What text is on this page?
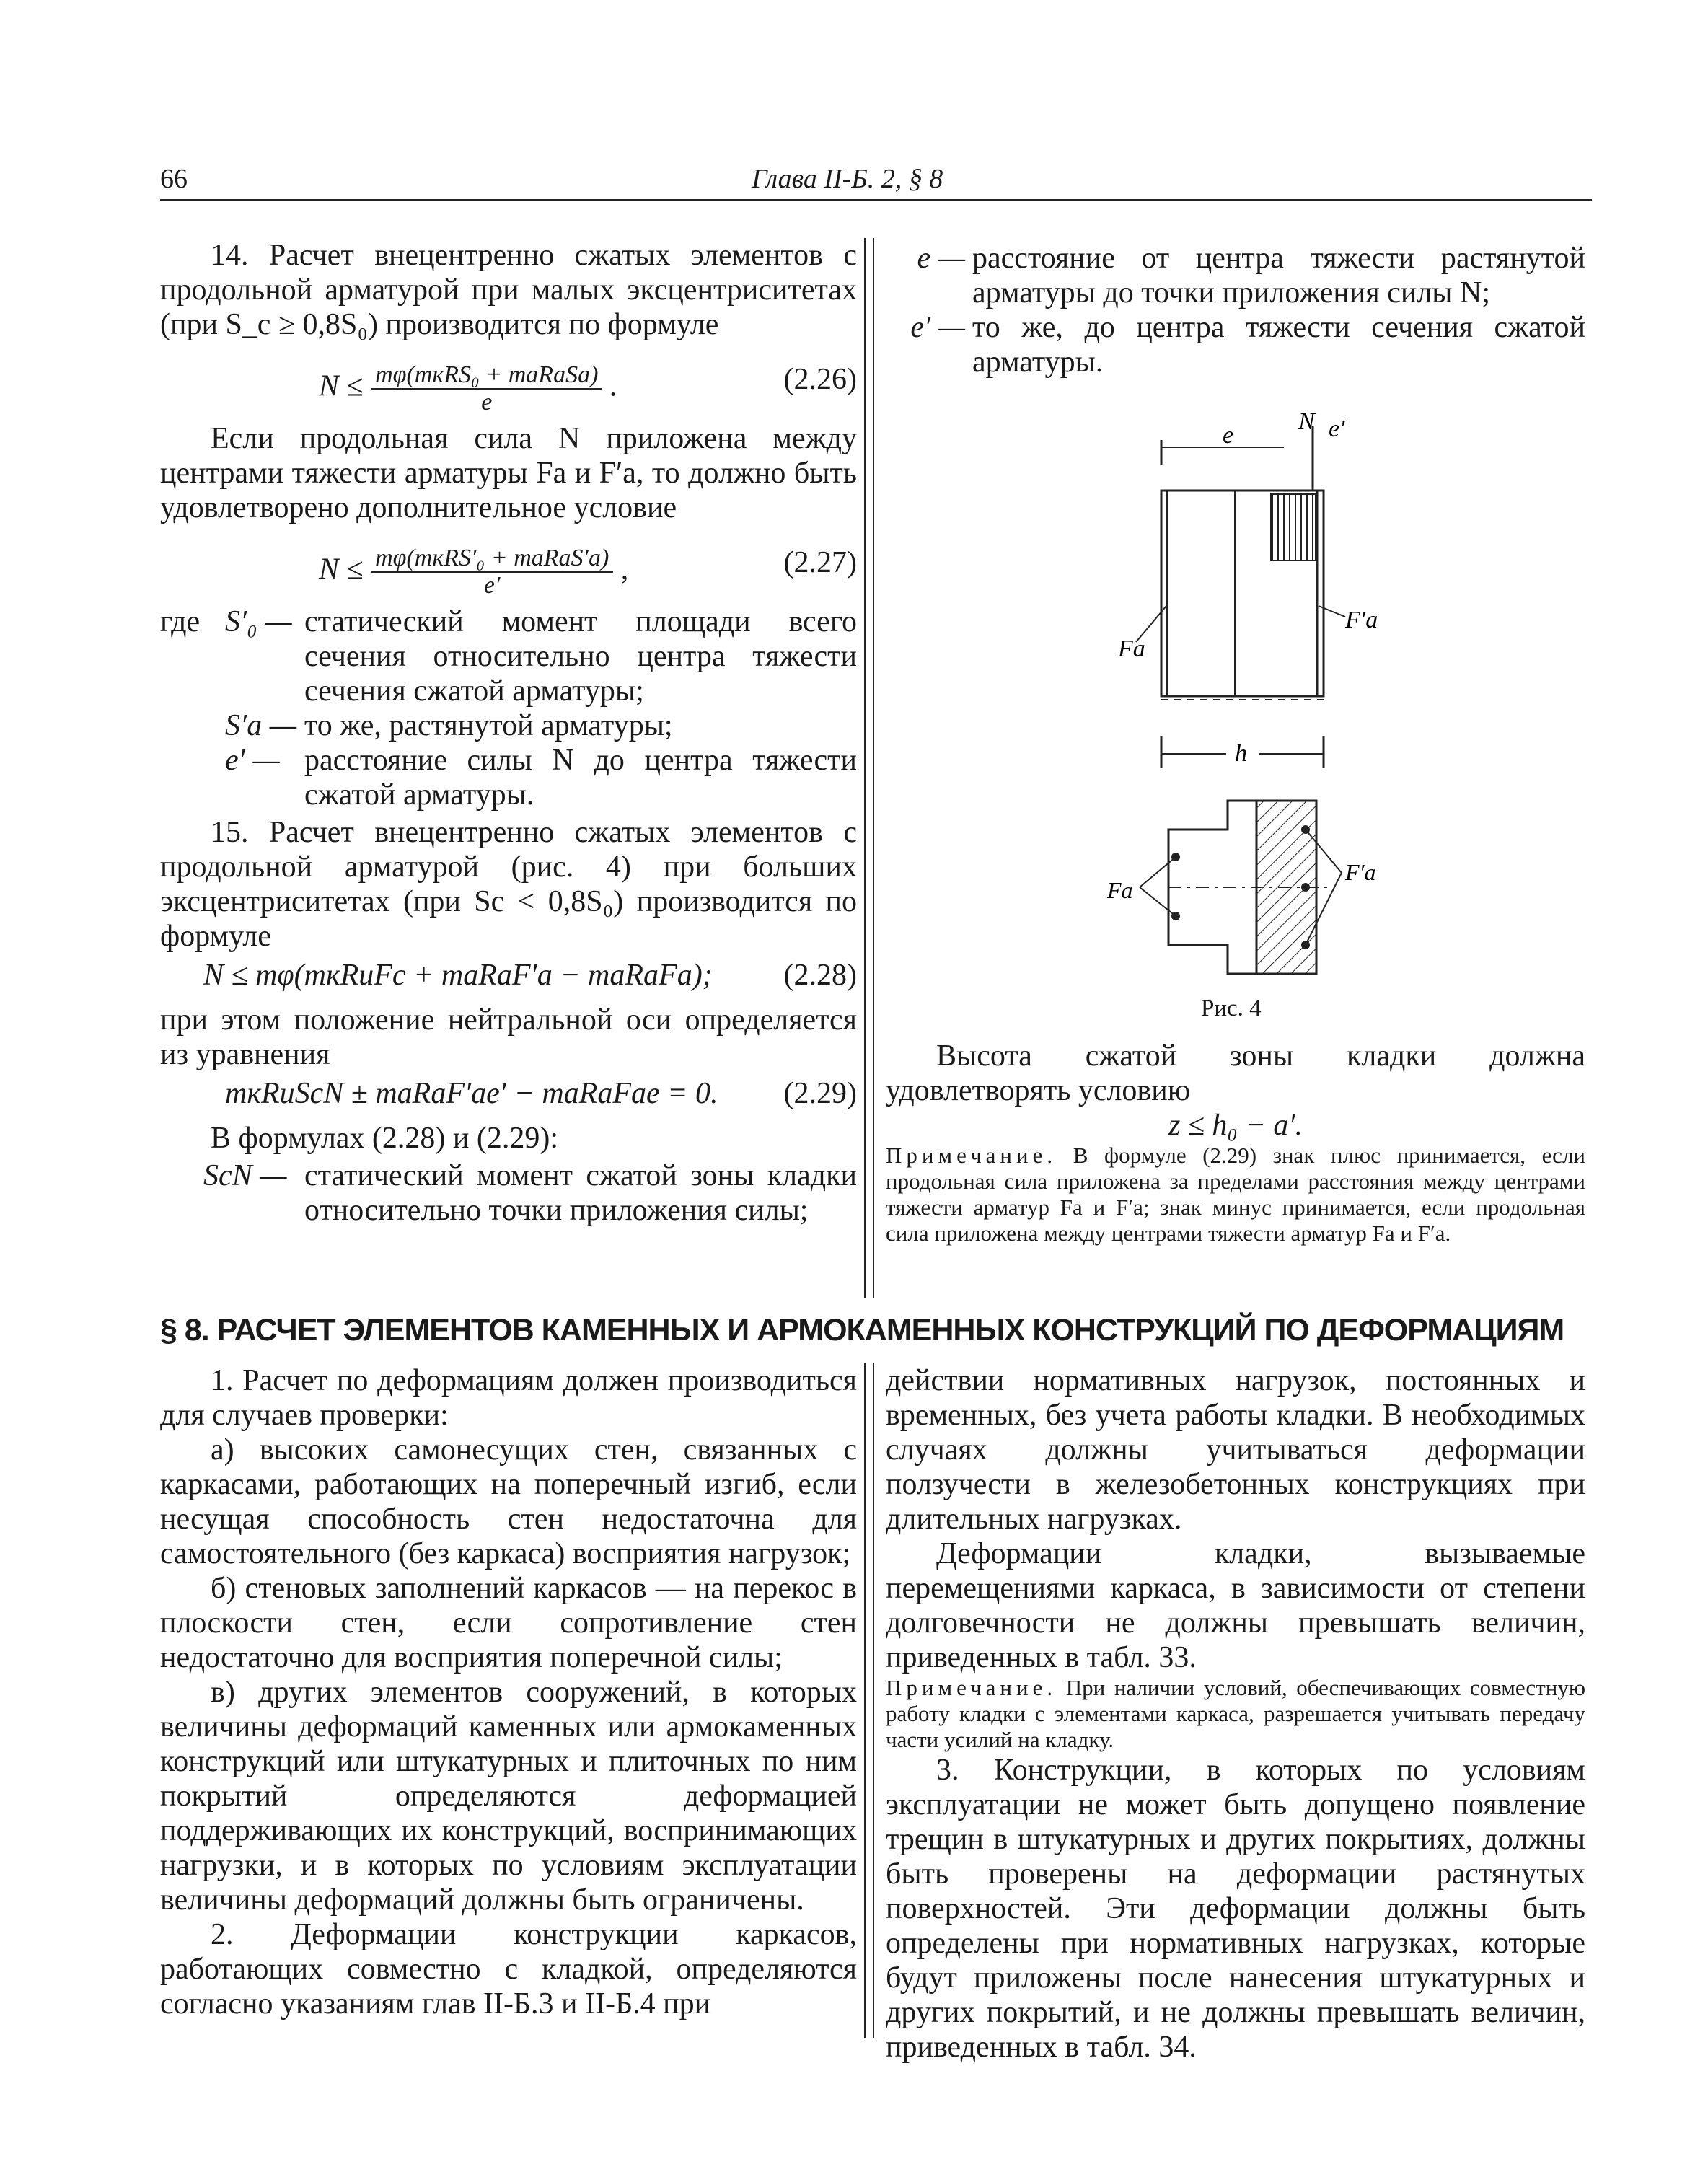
66	Глава II-Б. 2, § 8

14. Расчет внецентренно сжатых элементов с продольной арматурой при малых эксцентриситетах (при S_c ≥ 0,8S₀) производится по формуле

$N \le \frac{\text{mφ(mкRS₀ + maRaSa)}}{e}$ .	(2.26)

Если продольная сила N приложена между центрами тяжести арматуры Fa и F′a, то должно быть удовлетворено дополнительное условие

$N \le \frac{\text{mφ(mкRS′₀ + maRaS′a)}}{e'}$ ,	(2.27)
где S′₀ — статический момент площади всего сечения относительно центра тяжести сечения сжатой арматуры;
S′a — то же, растянутой арматуры;
e′ — расстояние силы N до центра тяжести сжатой арматуры.

15. Расчет внецентренно сжатых элементов с продольной арматурой (рис. 4) при больших эксцентриситетах (при Sc < 0,8S₀) производится по формуле

N ≤ mφ(mкRиFc + maRaF′a − maRaFa); (2.28)

при этом положение нейтральной оси определяется из уравнения

mкRиScN ± maRaF′ae′ − maRaFae = 0. (2.29)

В формулах (2.28) и (2.29):

ScN — статический момент сжатой зоны кладки относительно точки приложения силы;
e — расстояние от центра тяжести растянутой арматуры до точки приложения силы N;
e′ — то же, до центра тяжести сечения сжатой арматуры.
e
N e′
Fa
F′a
h
Fa
F′a
Рис. 4

Высота сжатой зоны кладки должна удовлетворять условию

z ≤ h₀ − a′.

Примечание. В формуле (2.29) знак плюс принимается, если продольная сила приложена за пределами расстояния между центрами тяжести арматур Fa и F′a; знак минус принимается, если продольная сила приложена между центрами тяжести арматур Fa и F′a.

§ 8. РАСЧЕТ ЭЛЕМЕНТОВ КАМЕННЫХ И АРМОКАМЕННЫХ КОНСТРУКЦИЙ ПО ДЕФОРМАЦИЯМ

1. Расчет по деформациям должен производиться для случаев проверки:

а) высоких самонесущих стен, связанных с каркасами, работающих на поперечный изгиб, если несущая способность стен недостаточна для самостоятельного (без каркаса) восприятия нагрузок;

б) стеновых заполнений каркасов — на перекос в плоскости стен, если сопротивление стен недостаточно для восприятия поперечной силы;

в) других элементов сооружений, в которых величины деформаций каменных или армокаменных конструкций или штукатурных и плиточных по ним покрытий определяются деформацией поддерживающих их конструкций, воспринимающих нагрузки, и в которых по условиям эксплуатации величины деформаций должны быть ограничены.

2. Деформации конструкции каркасов, работающих совместно с кладкой, определяются согласно указаниям глав II-Б.3 и II-Б.4 при

действии нормативных нагрузок, постоянных и временных, без учета работы кладки. В необходимых случаях должны учитываться деформации ползучести в железобетонных конструкциях при длительных нагрузках.

Деформации кладки, вызываемые перемещениями каркаса, в зависимости от степени долговечности не должны превышать величин, приведенных в табл. 33.

Примечание. При наличии условий, обеспечивающих совместную работу кладки с элементами каркаса, разрешается учитывать передачу части усилий на кладку.

3. Конструкции, в которых по условиям эксплуатации не может быть допущено появление трещин в штукатурных и других покрытиях, должны быть проверены на деформации растянутых поверхностей. Эти деформации должны быть определены при нормативных нагрузках, которые будут приложены после нанесения штукатурных и других покрытий, и не должны превышать величин, приведенных в табл. 34.
